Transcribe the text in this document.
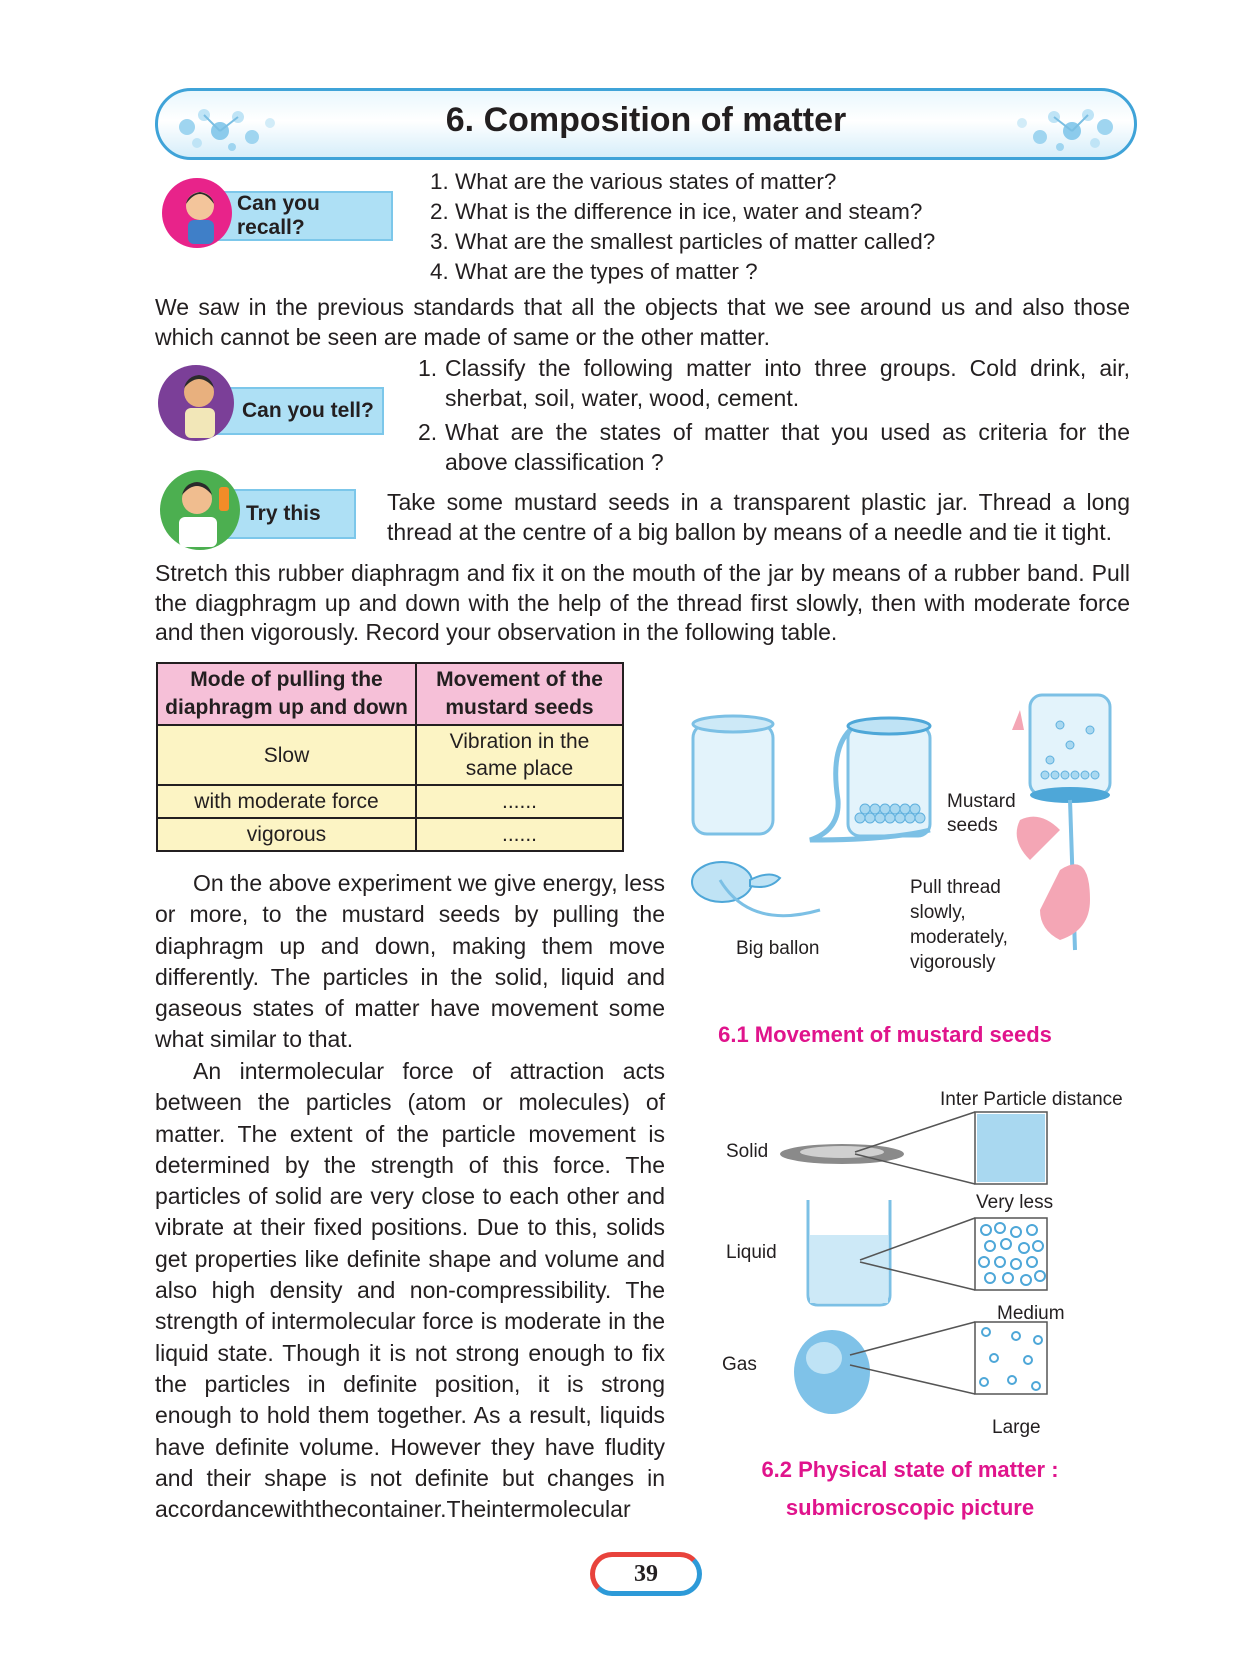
6. Composition of matter
Can you recall?
1. What are the various states of matter?
2. What is the difference in ice, water and steam?
3. What are the smallest particles of matter called?
4. What are the types of matter ?
We saw in the previous standards that all the objects that we see around us and also those which cannot be seen are made of same or the other matter.
Can you tell?
1. Classify the following matter into three groups. Cold drink, air, sherbat, soil, water, wood, cement.
2. What are the states of matter that you used as criteria for the above classification ?
Try this	Take some mustard seeds in a transparent plastic jar. Thread a long thread at the centre of a big ballon by means of a needle and tie it tight.
Stretch this rubber diaphragm and fix it on the mouth of the jar by means of a rubber band. Pull the diagphragm up and down with the help of the thread first slowly, then with moderate force and then vigorously. Record your observation in the following table.
Mode of pulling the diaphragm up and down	Movement of the mustard seeds
Slow	Vibration in the same place
with moderate force	......
vigorous	......
On the above experiment we give energy, less or more, to the mustard seeds by pulling the diaphragm up and down, making them move differently. The particles in the solid, liquid and gaseous states of matter have movement some what similar to that.
An intermolecular force of attraction acts between the particles (atom or molecules) of matter. The extent of the particle movement is determined by the strength of this force. The particles of solid are very close to each other and vibrate at their fixed positions. Due to this, solids get properties like definite shape and volume and also high density and non-compressibility. The strength of intermolecular force is moderate in the liquid state. Though it is not strong enough to fix the particles in definite position, it is strong enough to hold them together. As a result, liquids have definite volume. However they have fludity and their shape is not definite but changes in accordancewiththecontainer.Theintermolecular
Mustard
seeds
Big ballon
Pull thread
slowly,
moderately,
vigorously
6.1 Movement of mustard seeds
Inter Particle distance
Solid
Very less
Liquid
Medium
Gas
Large
6.2 Physical state of matter :
submicroscopic picture
39
